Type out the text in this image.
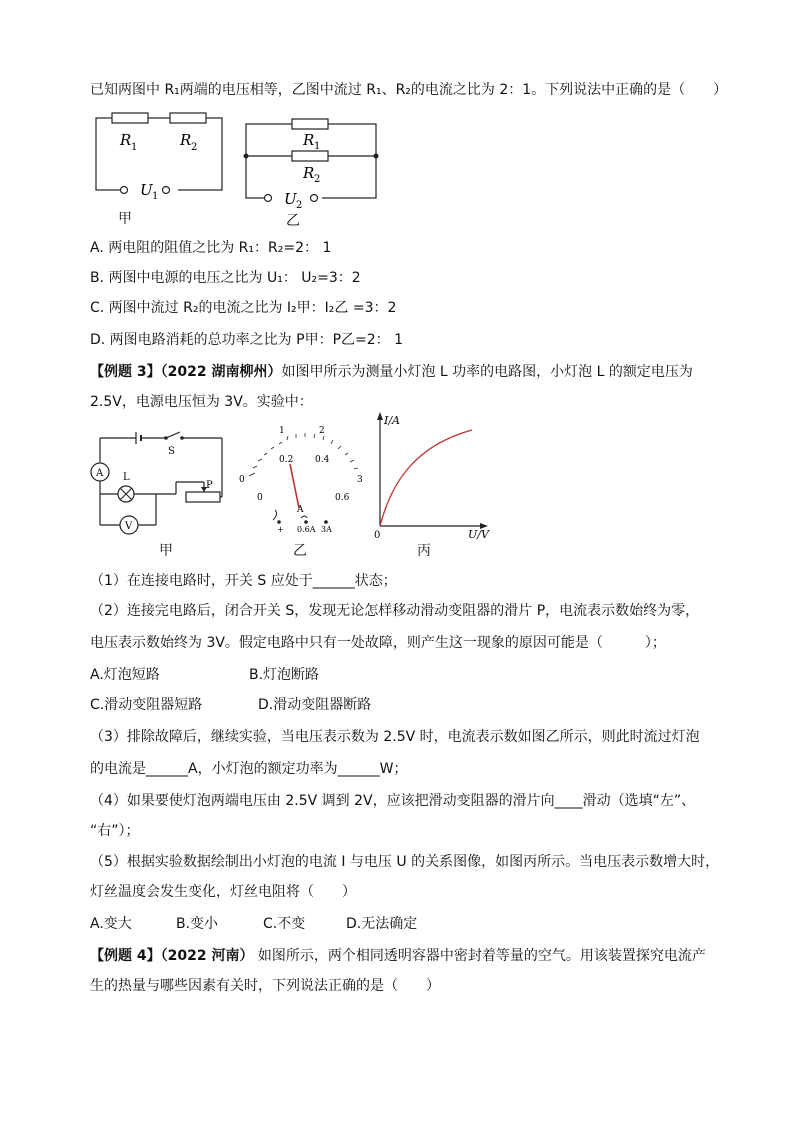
已知两图中 R₁两端的电压相等，乙图中流过 R₁、R₂的电流之比为 2：1。下列说法中正确的是（　　）
R 1	R 2
U 1
甲
R 1
R 2
U 2
乙
A. 两电阻的阻值之比为 R₁：R₂=2： 1
B. 两图中电源的电压之比为 U₁： U₂=3：2
C. 两图中流过 R₂的电流之比为 I₂甲：I₂乙 =3：2
D. 两图电路消耗的总功率之比为 P甲：P乙=2： 1
【例题 3】（2022 湖南柳州）如图甲所示为测量小灯泡 L 功率的电路图，小灯泡 L 的额定电压为
2.5V，电源电压恒为 3V。实验中：
S
A L
V
P
甲
0
1	2
3
0
0.2 0.4
0.6
A
+ 0.6A 3A
乙
I/A
U/V
0
丙
（1）在连接电路时，开关 S 应处于______状态；
（2）连接完电路后，闭合开关 S，发现无论怎样移动滑动变阻器的滑片 P，电流表示数始终为零，
电压表示数始终为 3V。假定电路中只有一处故障，则产生这一现象的原因可能是（　　　）；
A.灯泡短路	B.灯泡断路
C.滑动变阻器短路	D.滑动变阻器断路
（3）排除故障后，继续实验，当电压表示数为 2.5V 时，电流表示数如图乙所示，则此时流过灯泡
的电流是______A，小灯泡的额定功率为______W；
（4）如果要使灯泡两端电压由 2.5V 调到 2V，应该把滑动变阻器的滑片向____滑动（选填“左”、
“右”）；
（5）根据实验数据绘制出小灯泡的电流 I 与电压 U 的关系图像，如图丙所示。当电压表示数增大时，
灯丝温度会发生变化，灯丝电阻将（　　）
A.变大	B.变小	C.不变	D.无法确定
【例题 4】（2022 河南） 如图所示，两个相同透明容器中密封着等量的空气。用该装置探究电流产
生的热量与哪些因素有关时，下列说法正确的是（　　）
